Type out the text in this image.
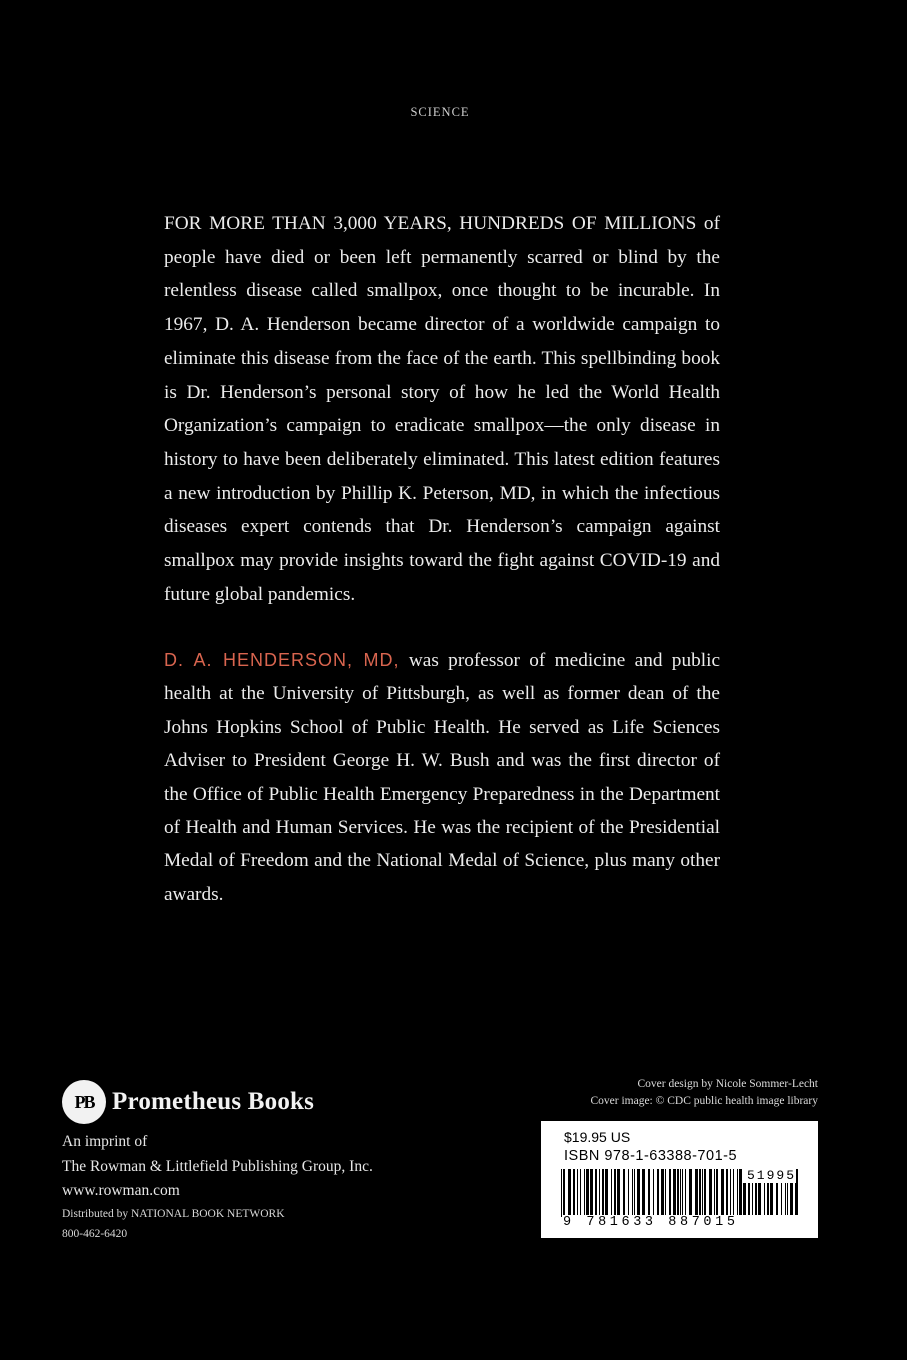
SCIENCE

FOR MORE THAN 3,000 YEARS, HUNDREDS OF MILLIONS of people have died or been left permanently scarred or blind by the relentless disease called smallpox, once thought to be incurable. In 1967, D. A. Henderson became director of a worldwide campaign to eliminate this disease from the face of the earth. This spellbinding book is Dr. Henderson’s personal story of how he led the World Health Organization’s campaign to eradicate smallpox—the only disease in history to have been deliberately eliminated. This latest edition features a new introduction by Phillip K. Peterson, MD, in which the infectious diseases expert contends that Dr. Henderson’s campaign against smallpox may provide insights toward the fight against COVID-19 and future global pandemics.

D. A. HENDERSON, MD, was professor of medicine and public health at the University of Pittsburgh, as well as former dean of the Johns Hopkins School of Public Health. He served as Life Sciences Adviser to President George H. W. Bush and was the first director of the Office of Public Health Emergency Preparedness in the Department of Health and Human Services. He was the recipient of the Presidential Medal of Freedom and the National Medal of Science, plus many other awards.

PB Prometheus Books
An imprint of
The Rowman & Littlefield Publishing Group, Inc.
www.rowman.com
Distributed by NATIONAL BOOK NETWORK
800-462-6420
Cover design by Nicole Sommer-Lecht
Cover image: © CDC public health image library
$19.95 US
ISBN 978-1-63388-701-5
51995
9 781633 887015
